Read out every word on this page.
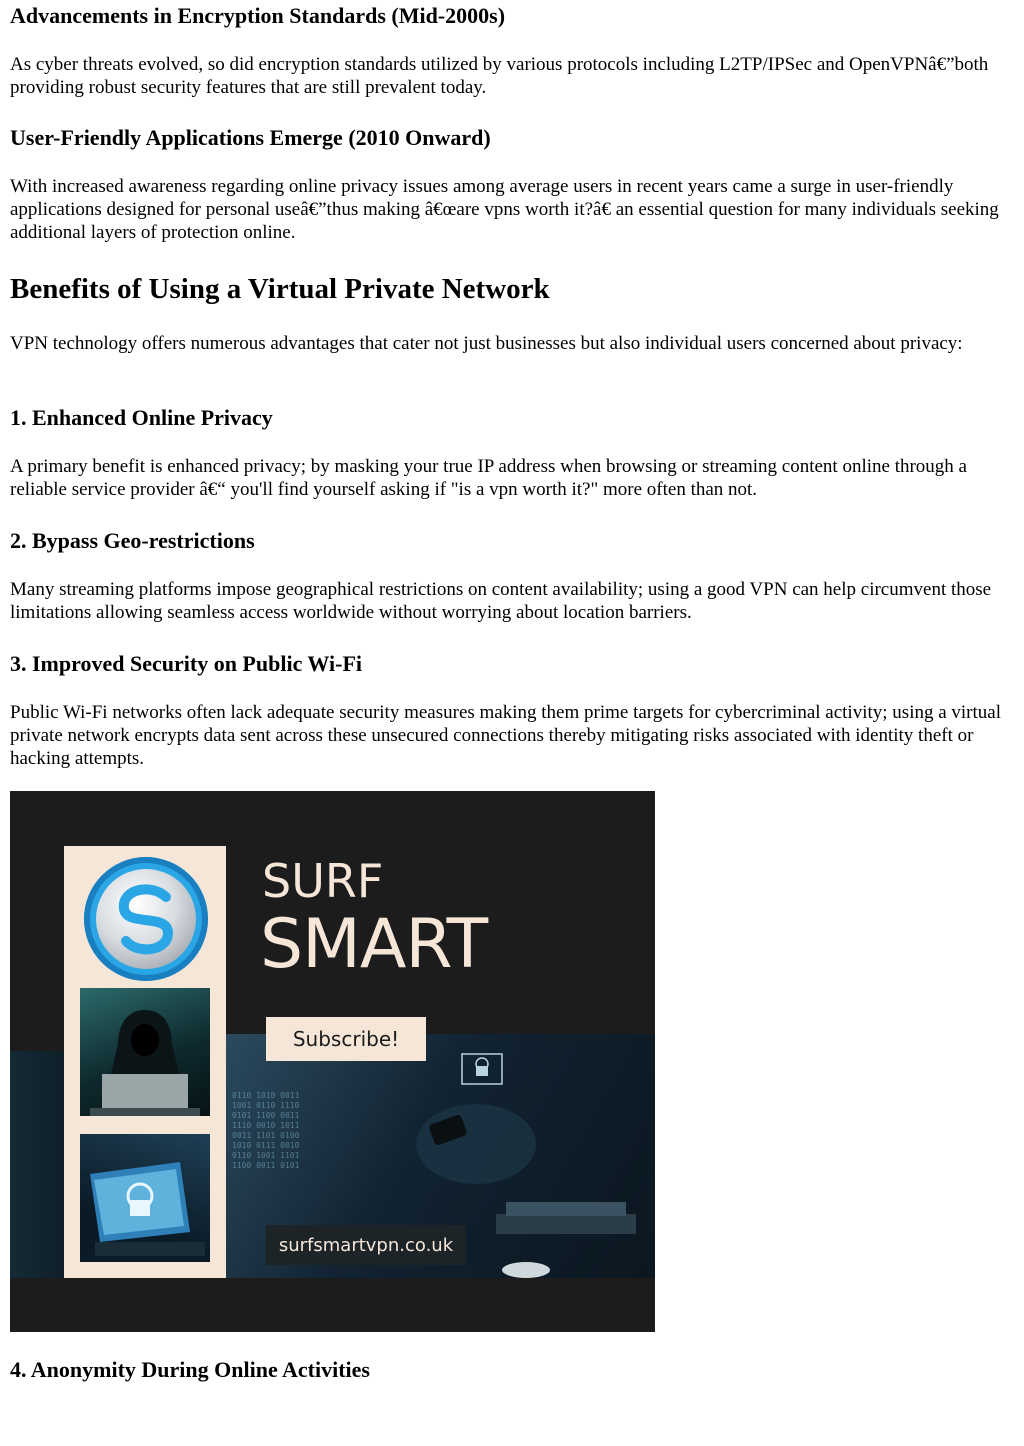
Advancements in Encryption Standards (Mid-2000s)

As cyber threats evolved, so did encryption standards utilized by various protocols including L2TP/IPSec and OpenVPNâ€”both providing robust security features that are still prevalent today.

User-Friendly Applications Emerge (2010 Onward)

With increased awareness regarding online privacy issues among average users in recent years came a surge in user-friendly applications designed for personal useâ€”thus making â€œare vpns worth it?â€ an essential question for many individuals seeking additional layers of protection online.

Benefits of Using a Virtual Private Network

VPN technology offers numerous advantages that cater not just businesses but also individual users concerned about privacy:

1. Enhanced Online Privacy

A primary benefit is enhanced privacy; by masking your true IP address when browsing or streaming content online through a reliable service provider â€“ you'll find yourself asking if "is a vpn worth it?" more often than not.

2. Bypass Geo-restrictions

Many streaming platforms impose geographical restrictions on content availability; using a good VPN can help circumvent those limitations allowing seamless access worldwide without worrying about location barriers.

3. Improved Security on Public Wi-Fi

Public Wi-Fi networks often lack adequate security measures making them prime targets for cybercriminal activity; using a virtual private network encrypts data sent across these unsecured connections thereby mitigating risks associated with identity theft or hacking attempts.

4. Anonymity During Online Activities
0110 1010 0011
1001 0110 1110
0101 1100 0011
1110 0010 1011
0011 1101 0100
1010 0111 0010
0110 1001 1101
1100 0011 0101
SURF
SMART
Subscribe!
surfsmartvpn.co.uk
